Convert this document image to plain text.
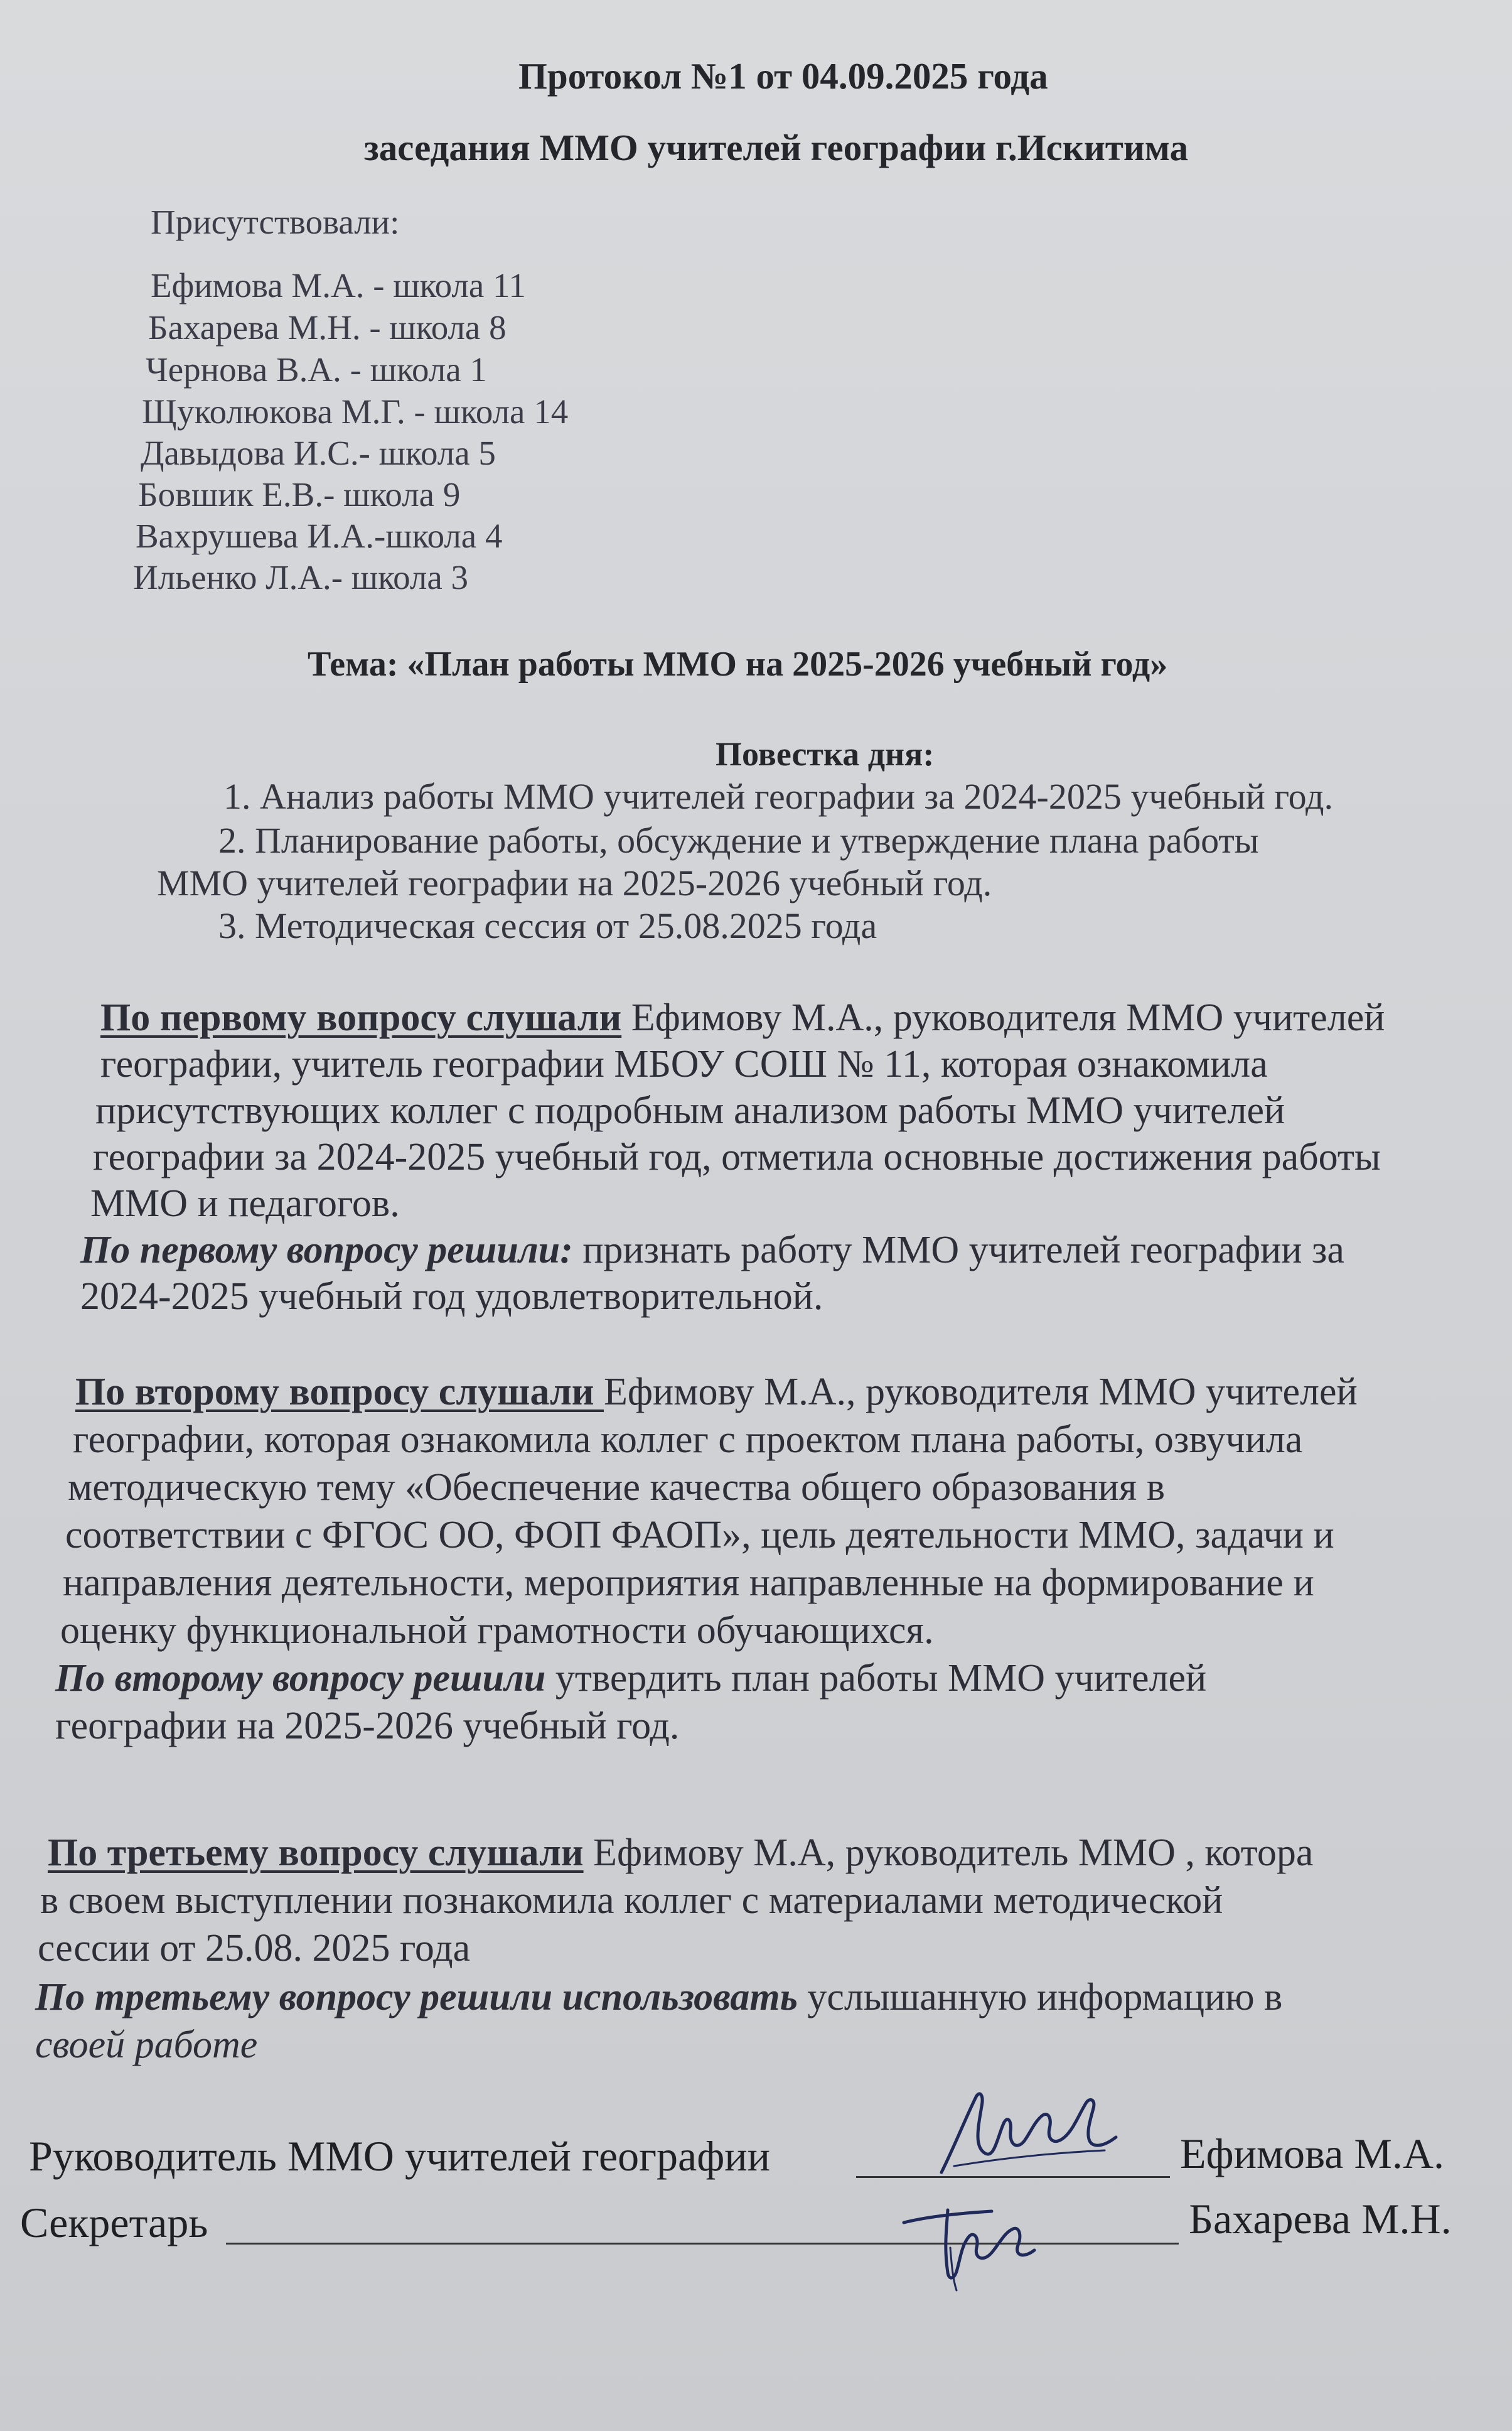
Протокол №1 от 04.09.2025 года
заседания ММО учителей географии г.Искитима
Присутствовали:
Ефимова М.А. - школа 11
Бахарева М.Н. - школа 8
Чернова В.А. - школа 1
Щуколюкова М.Г. - школа 14
Давыдова И.С.- школа 5
Бовшик Е.В.- школа 9
Вахрушева И.А.-школа 4
Ильенко Л.А.- школа 3
Тема: «План работы ММО на 2025-2026 учебный год»
Повестка дня:
1. Анализ работы ММО учителей географии за 2024-2025 учебный год.
2. Планирование работы, обсуждение и утверждение плана работы
ММО учителей географии на 2025-2026 учебный год.
3. Методическая сессия от 25.08.2025 года
По первому вопросу слушали Ефимову М.А., руководителя ММО учителей
географии, учитель географии МБОУ СОШ № 11, которая ознакомила
присутствующих коллег с подробным анализом работы ММО учителей
географии за 2024-2025 учебный год, отметила основные достижения работы
ММО и педагогов.
По первому вопросу решили: признать работу ММО учителей географии за
2024-2025 учебный год удовлетворительной.
По второму вопросу слушали Ефимову М.А., руководителя ММО учителей
географии, которая ознакомила коллег с проектом плана работы, озвучила
методическую тему «Обеспечение качества общего образования в
соответствии с ФГОС ОО, ФОП ФАОП», цель деятельности ММО, задачи и
направления деятельности, мероприятия направленные на формирование и
оценку функциональной грамотности обучающихся.
По второму вопросу решили утвердить план работы ММО учителей
географии на 2025-2026 учебный год.
По третьему вопросу слушали Ефимову М.А, руководитель ММО , котора
в своем выступлении познакомила коллег с материалами методической
сессии от 25.08. 2025 года
По третьему вопросу решили использовать услышанную информацию в
своей работе
Руководитель ММО учителей географии	Ефимова М.А.
Секретарь	Бахарева М.Н.
